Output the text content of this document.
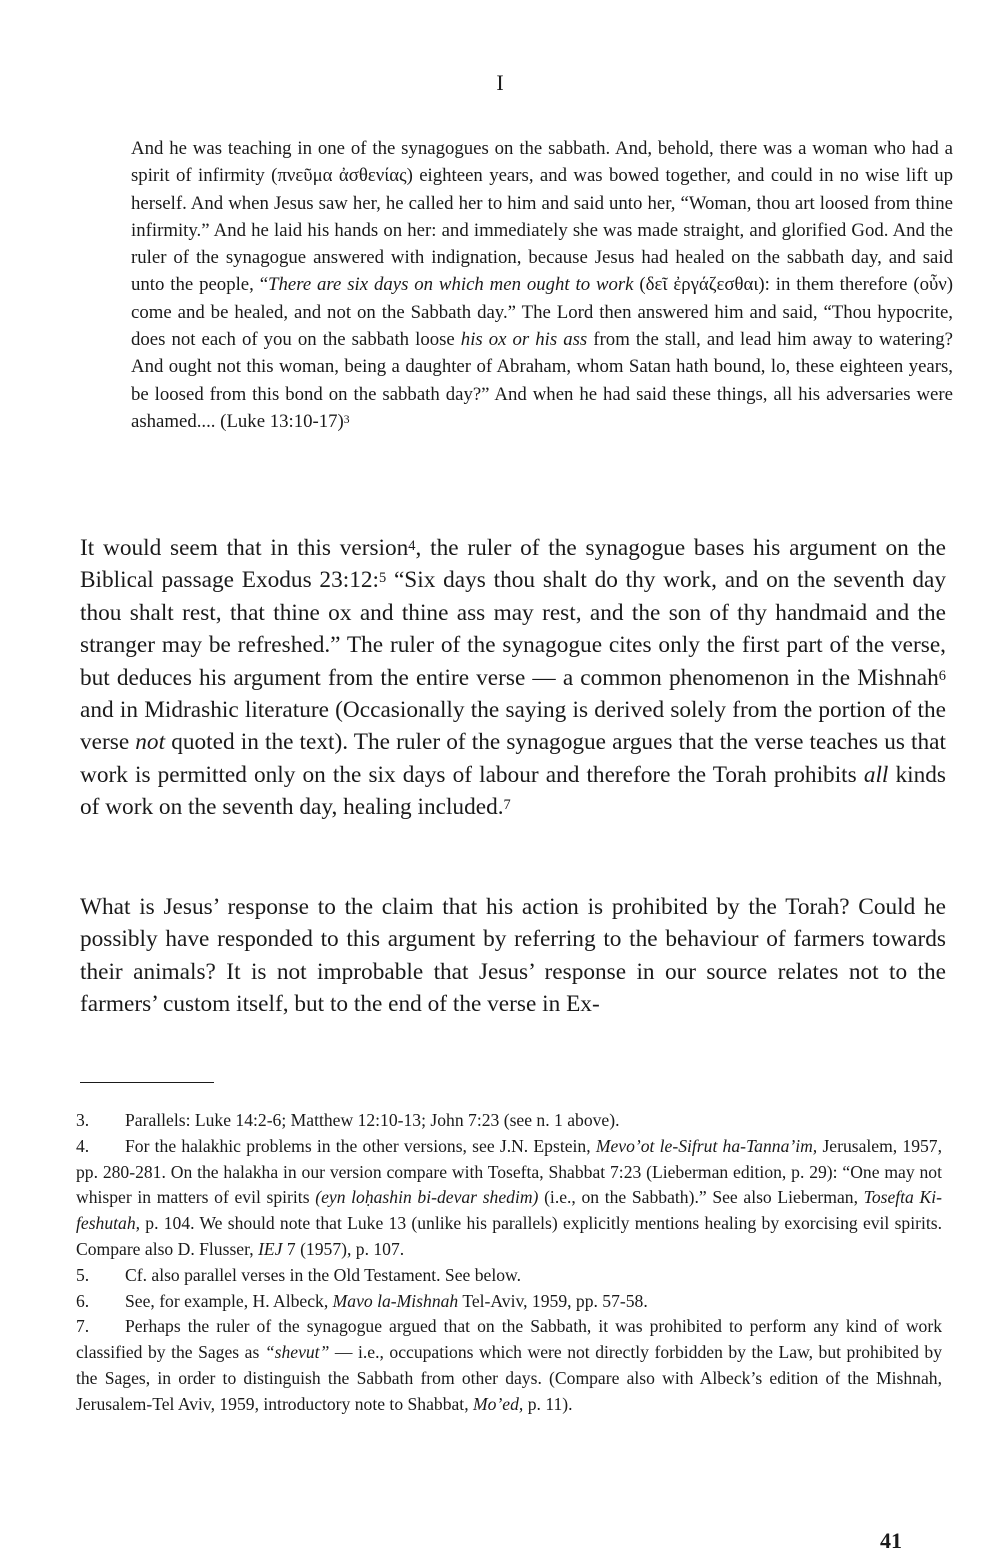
I
And he was teaching in one of the synagogues on the sabbath. And, behold, there was a woman who had a spirit of infirmity (πνεῦμα ἀσθενίας) eighteen years, and was bowed together, and could in no wise lift up herself. And when Jesus saw her, he called her to him and said unto her, “Woman, thou art loosed from thine infirmity.” And he laid his hands on her: and immediately she was made straight, and glorified God. And the ruler of the synagogue answered with indignation, because Jesus had healed on the sabbath day, and said unto the people, “There are six days on which men ought to work (δεῖ ἐργάζεσθαι): in them therefore (οὖν) come and be healed, and not on the Sabbath day.” The Lord then answered him and said, “Thou hypocrite, does not each of you on the sabbath loose his ox or his ass from the stall, and lead him away to watering? And ought not this woman, being a daughter of Abraham, whom Satan hath bound, lo, these eighteen years, be loosed from this bond on the sabbath day?” And when he had said these things, all his adversaries were ashamed.... (Luke 13:10-17)$^3$
It would seem that in this version$^4$, the ruler of the synagogue bases his argument on the Biblical passage Exodus 23:12:$^5$ “Six days thou shalt do thy work, and on the seventh day thou shalt rest, that thine ox and thine ass may rest, and the son of thy handmaid and the stranger may be refreshed.” The ruler of the synagogue cites only the first part of the verse, but deduces his argument from the entire verse — a common phenomenon in the Mishnah$^6$ and in Midrashic literature (Occasionally the saying is derived solely from the portion of the verse not quoted in the text). The ruler of the synagogue argues that the verse teaches us that work is permitted only on the six days of labour and therefore the Torah prohibits all kinds of work on the seventh day, healing included.$^7$
What is Jesus’ response to the claim that his action is prohibited by the Torah? Could he possibly have responded to this argument by referring to the behaviour of farmers towards their animals? It is not improbable that Jesus’ response in our source relates not to the farmers’ custom itself, but to the end of the verse in Ex-
3. Parallels: Luke 14:2-6; Matthew 12:10-13; John 7:23 (see n. 1 above).
4. For the halakhic problems in the other versions, see J.N. Epstein, Mevo’ot le-Sifrut ha-Tanna’im, Jerusalem, 1957, pp. 280-281. On the halakha in our version compare with Tosefta, Shabbat 7:23 (Lieberman edition, p. 29): “One may not whisper in matters of evil spirits (eyn loḥashin bi-devar shedim) (i.e., on the Sabbath).” See also Lieberman, Tosefta Ki-feshutah, p. 104. We should note that Luke 13 (unlike his parallels) explicitly mentions healing by exorcising evil spirits. Compare also D. Flusser, IEJ 7 (1957), p. 107.
5. Cf. also parallel verses in the Old Testament. See below.
6. See, for example, H. Albeck, Mavo la-Mishnah Tel-Aviv, 1959, pp. 57-58.
7. Perhaps the ruler of the synagogue argued that on the Sabbath, it was prohibited to perform any kind of work classified by the Sages as “shevut” — i.e., occupations which were not directly forbidden by the Law, but prohibited by the Sages, in order to distinguish the Sabbath from other days. (Compare also with Albeck’s edition of the Mishnah, Jerusalem-Tel Aviv, 1959, introductory note to Shabbat, Mo’ed, p. 11).
41
